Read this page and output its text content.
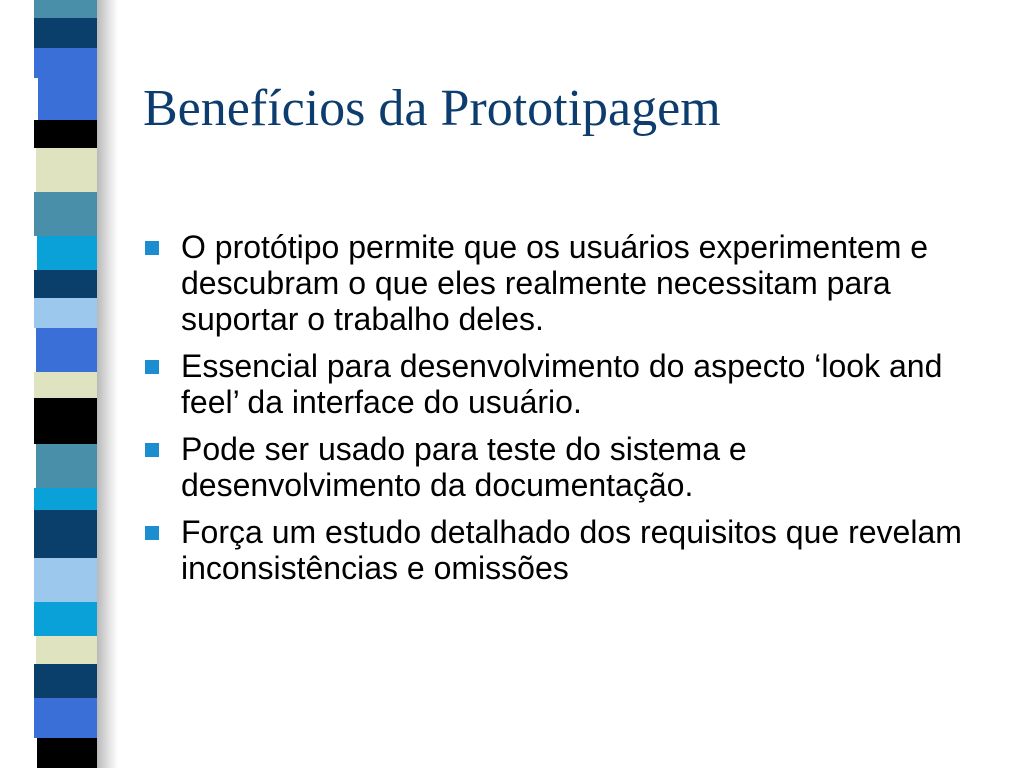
Benefícios da Prototipagem
O protótipo permite que os usuários experimentem e descubram o que eles realmente necessitam para suportar o trabalho deles.
Essencial para desenvolvimento do aspecto ‘look and feel’ da interface do usuário.
Pode ser usado para teste do sistema e desenvolvimento da documentação.
Força um estudo detalhado dos requisitos que revelam inconsistências e omissões
